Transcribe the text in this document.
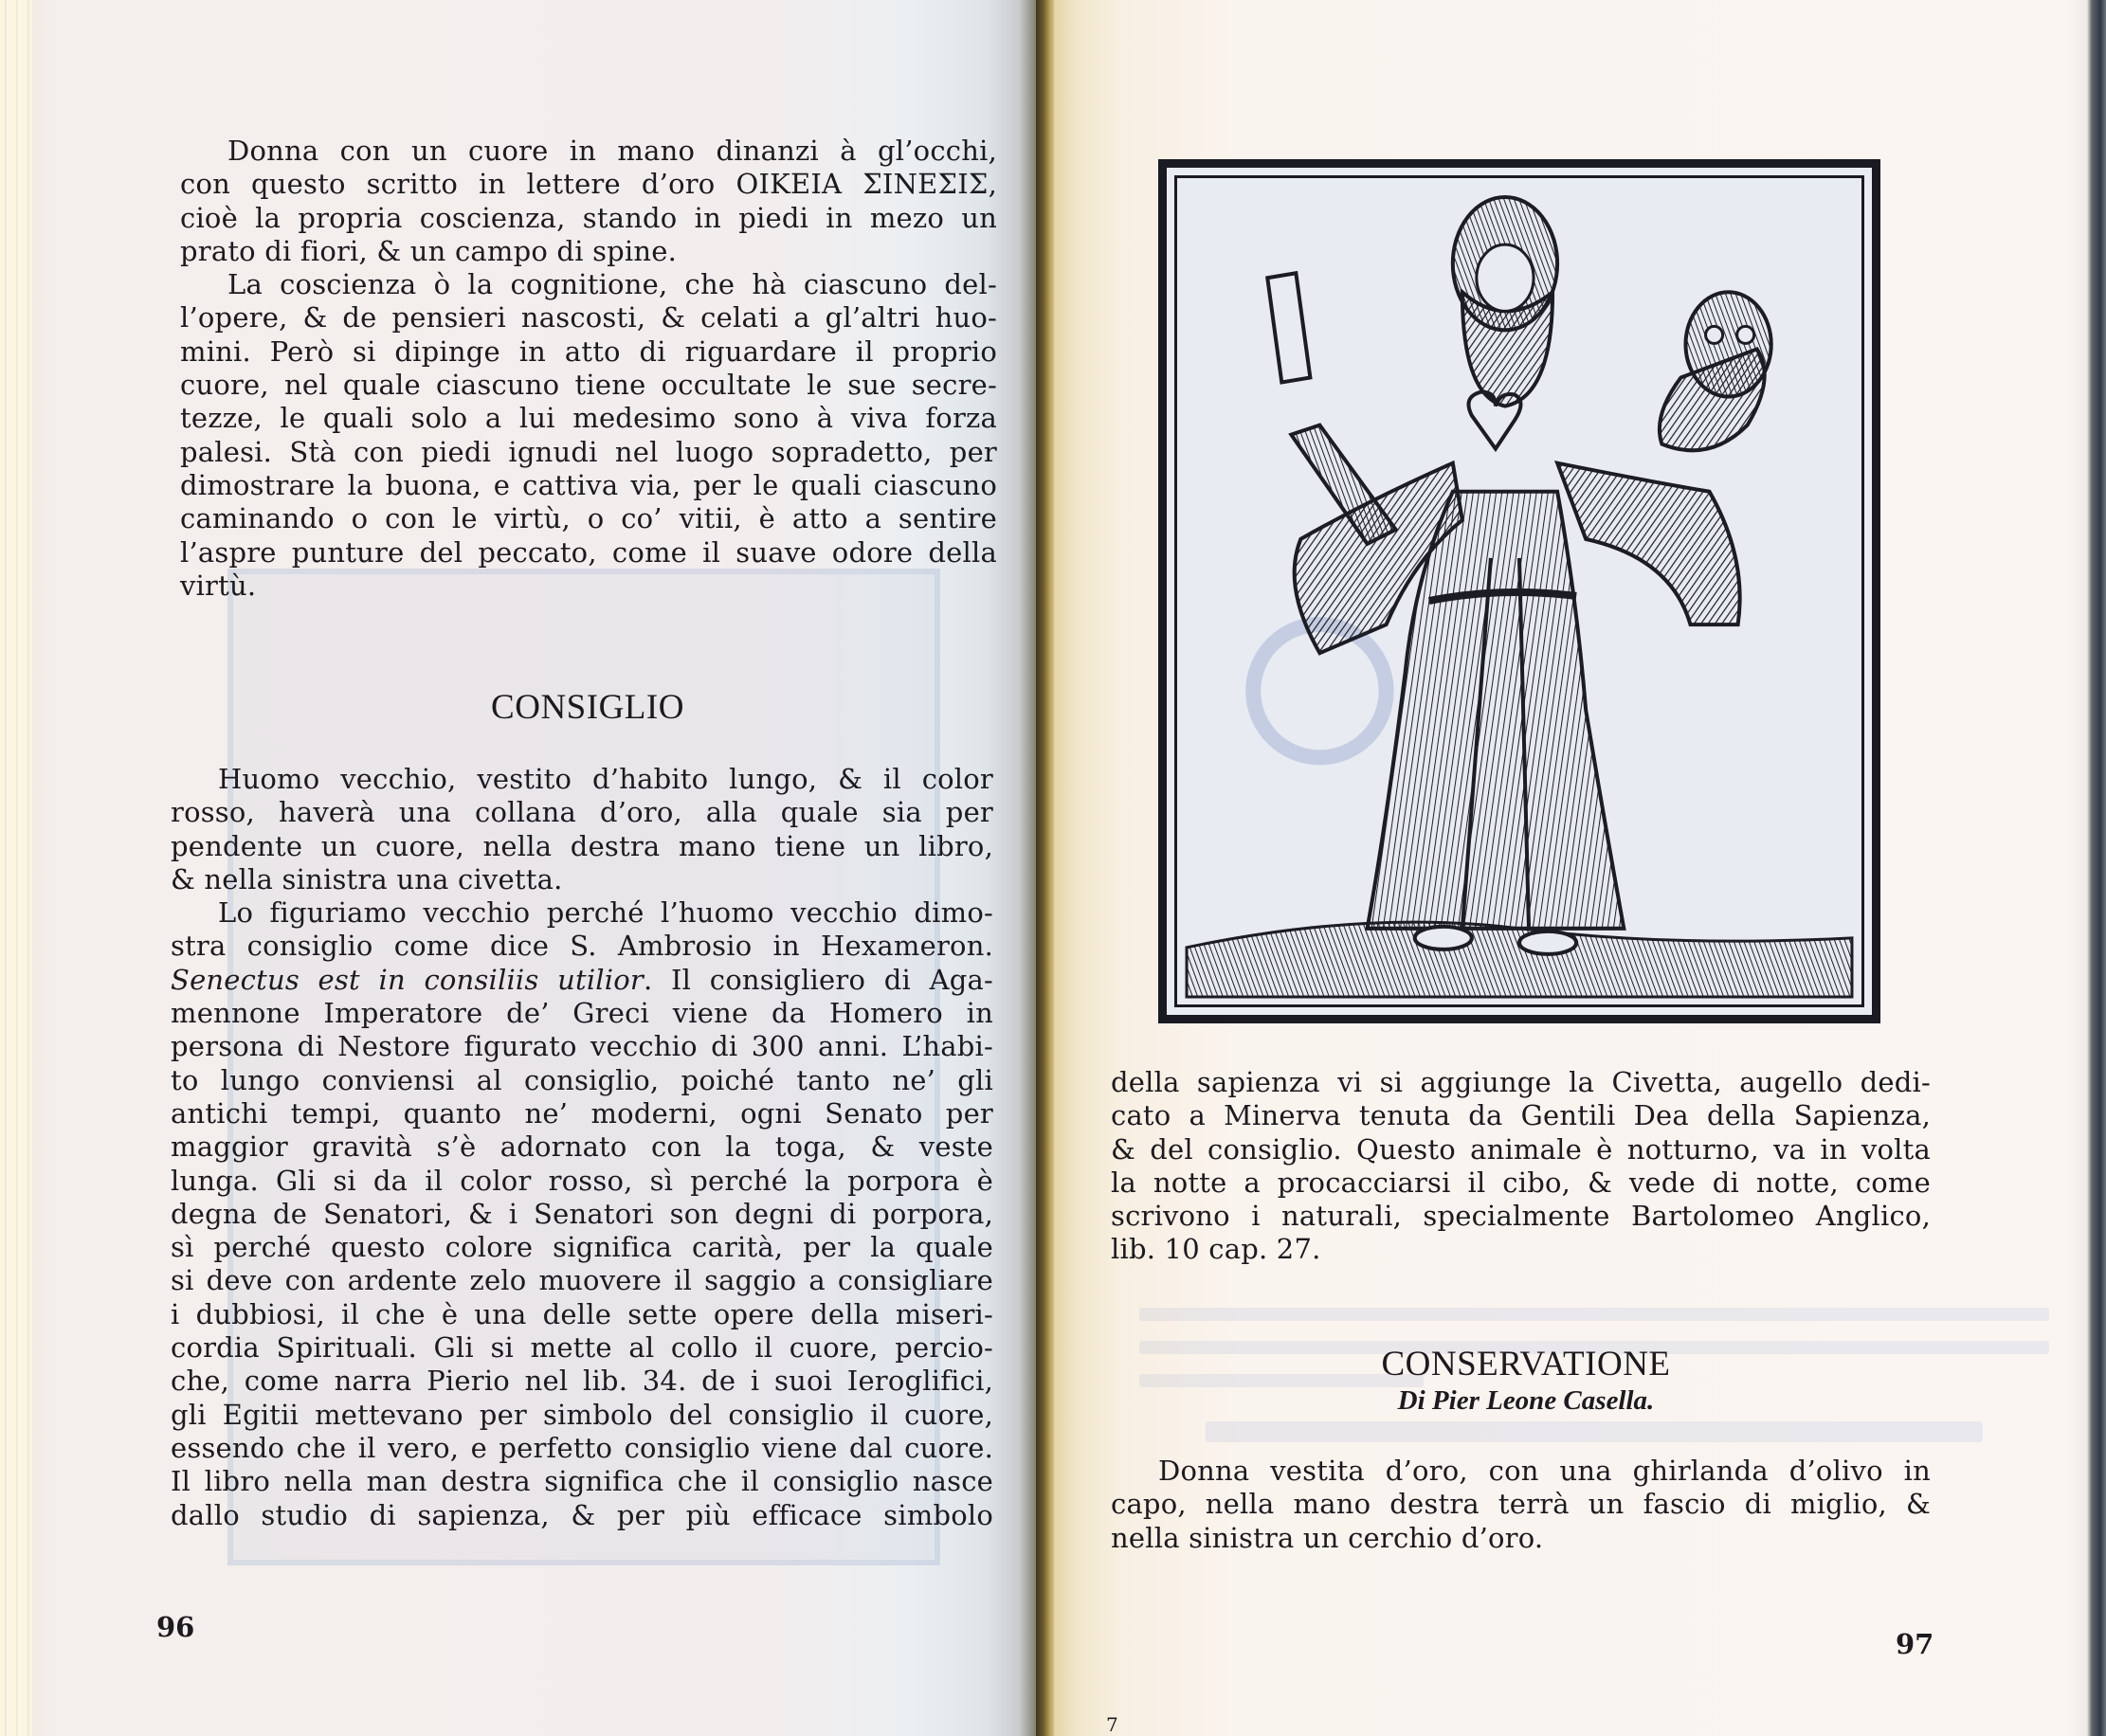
Donna con un cuore in mano dinanzi à gl’occhi,
con questo scritto in lettere d’oro ΟΙΚΕΙΑ ΣΙΝΕΣΙΣ,
cioè la propria coscienza, stando in piedi in mezo un
prato di fiori, & un campo di spine.
La coscienza ò la cognitione, che hà ciascuno del-
l’opere, & de pensieri nascosti, & celati a gl’altri huo-
mini. Però si dipinge in atto di riguardare il proprio
cuore, nel quale ciascuno tiene occultate le sue secre-
tezze, le quali solo a lui medesimo sono à viva forza
palesi. Stà con piedi ignudi nel luogo sopradetto, per
dimostrare la buona, e cattiva via, per le quali ciascuno
caminando o con le virtù, o co’ vitii, è atto a sentire
l’aspre punture del peccato, come il suave odore della
virtù.
CONSIGLIO
Huomo vecchio, vestito d’habito lungo, & il color
rosso, haverà una collana d’oro, alla quale sia per
pendente un cuore, nella destra mano tiene un libro,
& nella sinistra una civetta.
Lo figuriamo vecchio perché l’huomo vecchio dimo-
stra consiglio come dice S. Ambrosio in Hexameron.
Senectus est in consiliis utilior. Il consigliero di Aga-
mennone Imperatore de’ Greci viene da Homero in
persona di Nestore figurato vecchio di 300 anni. L’habi-
to lungo conviensi al consiglio, poiché tanto ne’ gli
antichi tempi, quanto ne’ moderni, ogni Senato per
maggior gravità s’è adornato con la toga, & veste
lunga. Gli si da il color rosso, sì perché la porpora è
degna de Senatori, & i Senatori son degni di porpora,
sì perché questo colore significa carità, per la quale
si deve con ardente zelo muovere il saggio a consigliare
i dubbiosi, il che è una delle sette opere della miseri-
cordia Spirituali. Gli si mette al collo il cuore, percio-
che, come narra Pierio nel lib. 34. de i suoi Ieroglifici,
gli Egitii mettevano per simbolo del consiglio il cuore,
essendo che il vero, e perfetto consiglio viene dal cuore.
Il libro nella man destra significa che il consiglio nasce
dallo studio di sapienza, & per più efficace simbolo
96
della sapienza vi si aggiunge la Civetta, augello dedi-
cato a Minerva tenuta da Gentili Dea della Sapienza,
& del consiglio. Questo animale è notturno, va in volta
la notte a procacciarsi il cibo, & vede di notte, come
scrivono i naturali, specialmente Bartolomeo Anglico,
lib. 10 cap. 27.
CONSERVATIONE
Di Pier Leone Casella.
Donna vestita d’oro, con una ghirlanda d’olivo in
capo, nella mano destra terrà un fascio di miglio, &
nella sinistra un cerchio d’oro.
97
7
